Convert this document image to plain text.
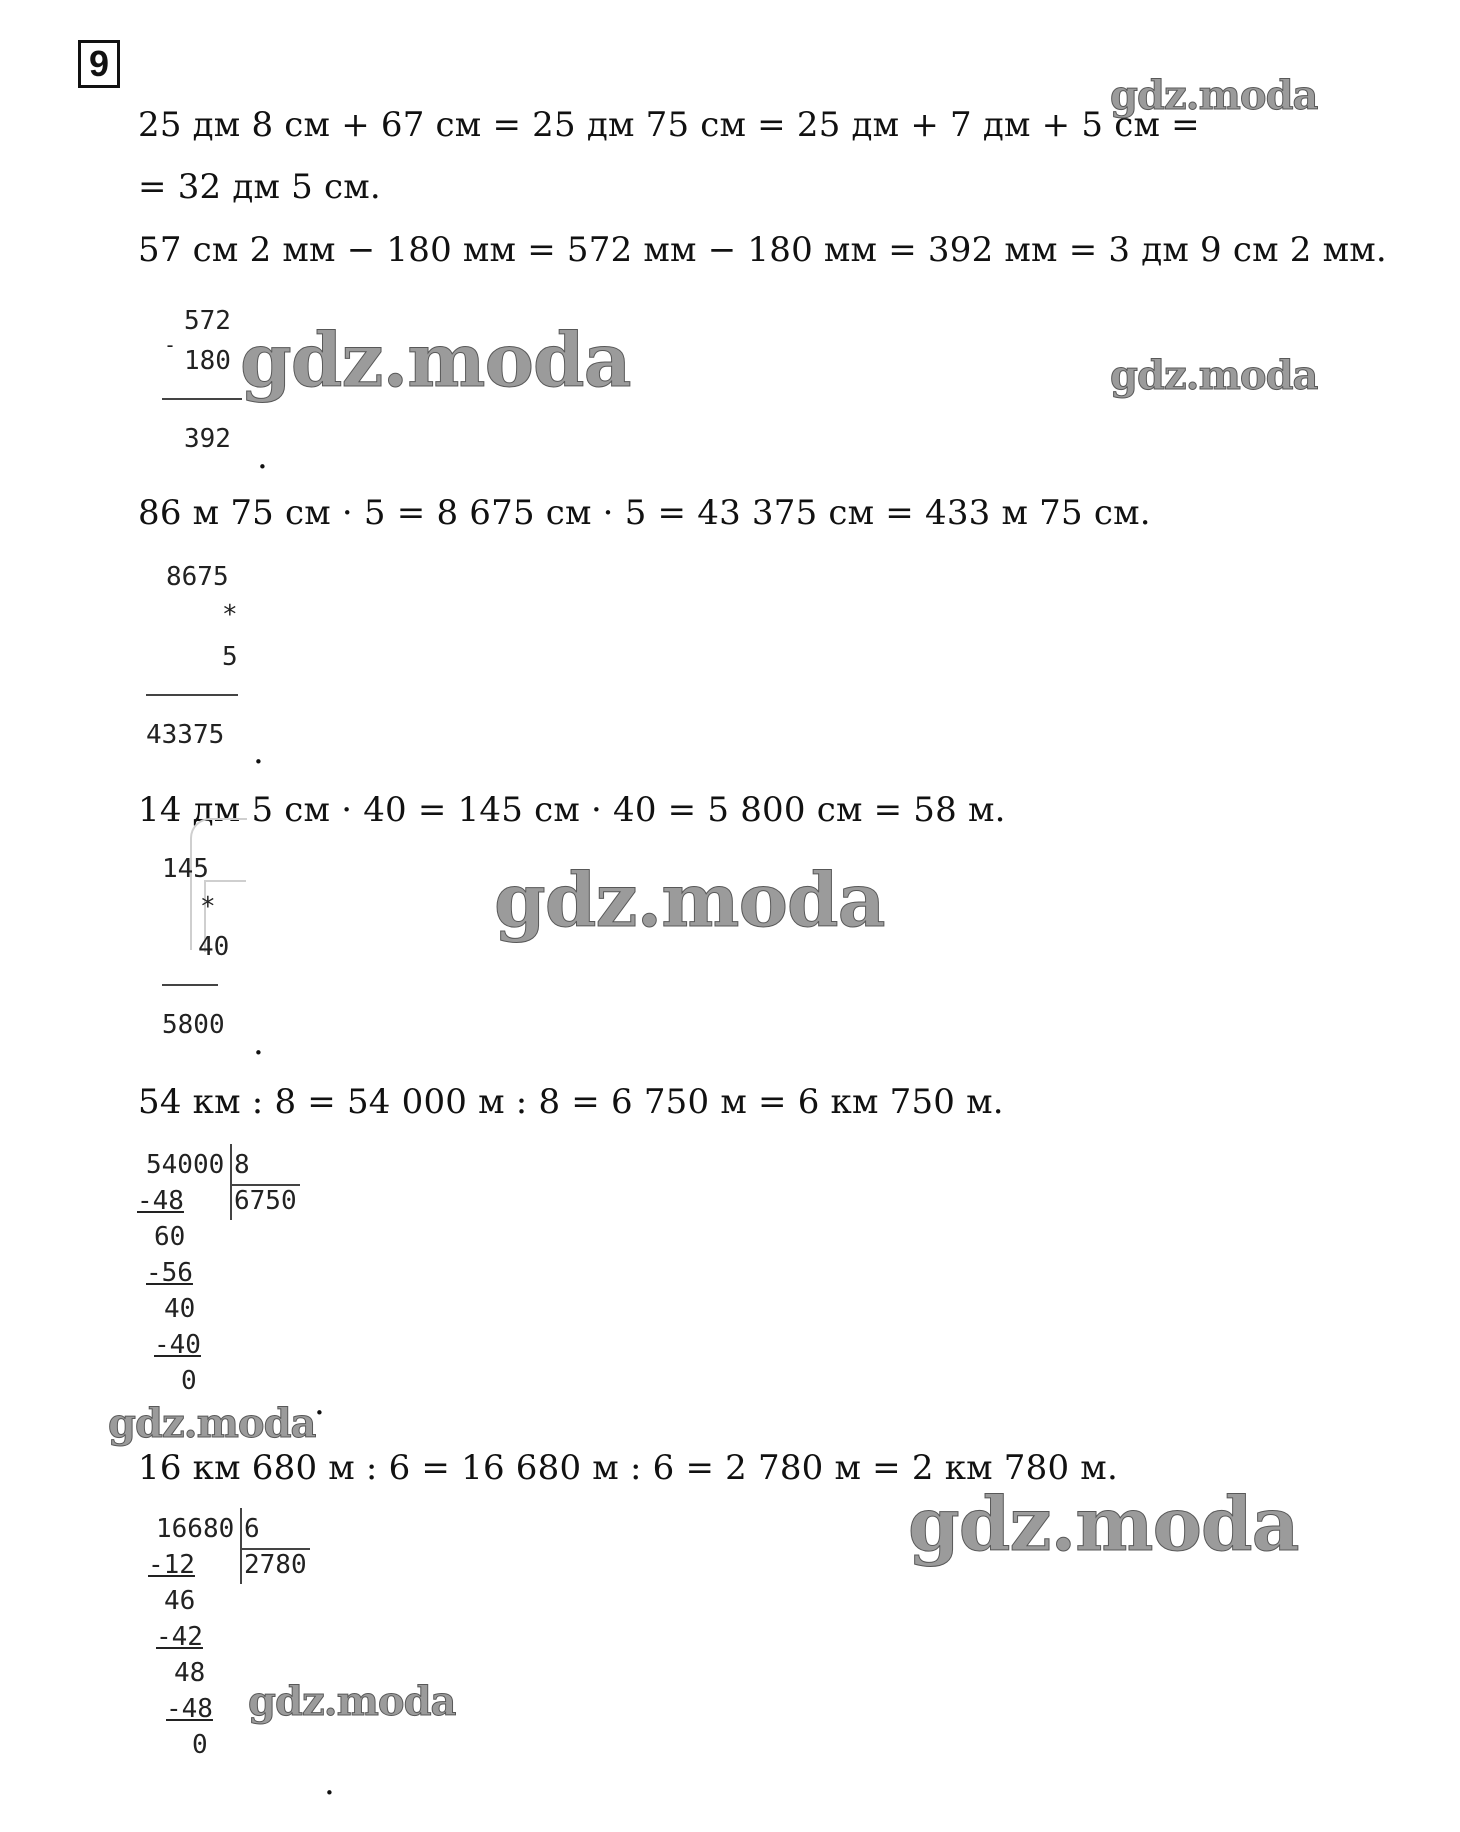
9
25 дм 8 см + 67 см = 25 дм 75 см = 25 дм + 7 дм + 5 см =
= 32 дм 5 см.
57 см 2 мм − 180 мм = 572 мм − 180 мм = 392 мм = 3 дм 9 см 2 мм.
86 м 75 см · 5 = 8 675 см · 5 = 43 375 см = 433 м 75 см.
14 дм 5 см · 40 = 145 см · 40 = 5 800 см = 58 м.
54 км : 8 = 54 000 м : 8 = 6 750 м = 6 км 750 м.
16 км 680 м : 6 = 16 680 м : 6 = 2 780 м = 2 км 780 м.
572
-
180
392 .
8675
*
5
43375 .
145
*
40
5800 .
54000 8
6750
-48
60
-56
40
-40
0
.
16680 6
2780
-12
46
-42
48
-48
0
.
gdz.moda
gdz.moda	gdz.moda
gdz.moda
gdz.moda
gdz.moda
gdz.moda
